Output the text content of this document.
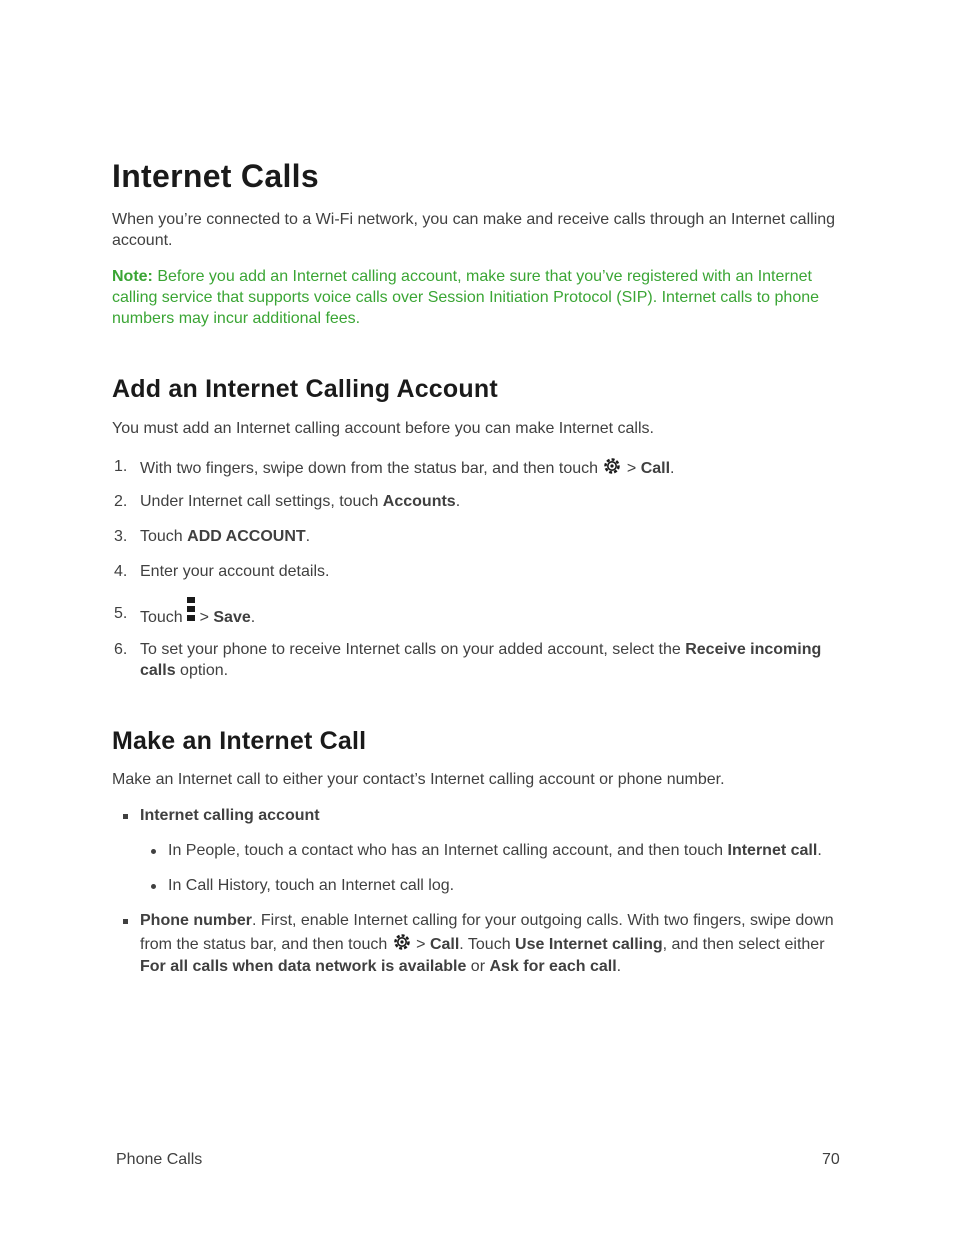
Internet Calls

When you’re connected to a Wi-Fi network, you can make and receive calls through an Internet calling account.

Note: Before you add an Internet calling account, make sure that you’ve registered with an Internet calling service that supports voice calls over Session Initiation Protocol (SIP). Internet calls to phone numbers may incur additional fees.

Add an Internet Calling Account

You must add an Internet calling account before you can make Internet calls.

1. With two fingers, swipe down from the status bar, and then touch  > Call.
2. Under Internet call settings, touch Accounts.
3. Touch ADD ACCOUNT.
4. Enter your account details.
5. Touch
> Save.
6. To set your phone to receive Internet calls on your added account, select the Receive incoming calls option.
Make an Internet Call

Make an Internet call to either your contact’s Internet calling account or phone number.

Internet calling account
In People, touch a contact who has an Internet calling account, and then touch Internet call.
In Call History, touch an Internet call log.
Phone number. First, enable Internet calling for your outgoing calls. With two fingers, swipe down from the status bar, and then touch  > Call. Touch Use Internet calling, and then select either For all calls when data network is available or Ask for each call.
Phone Calls	70
